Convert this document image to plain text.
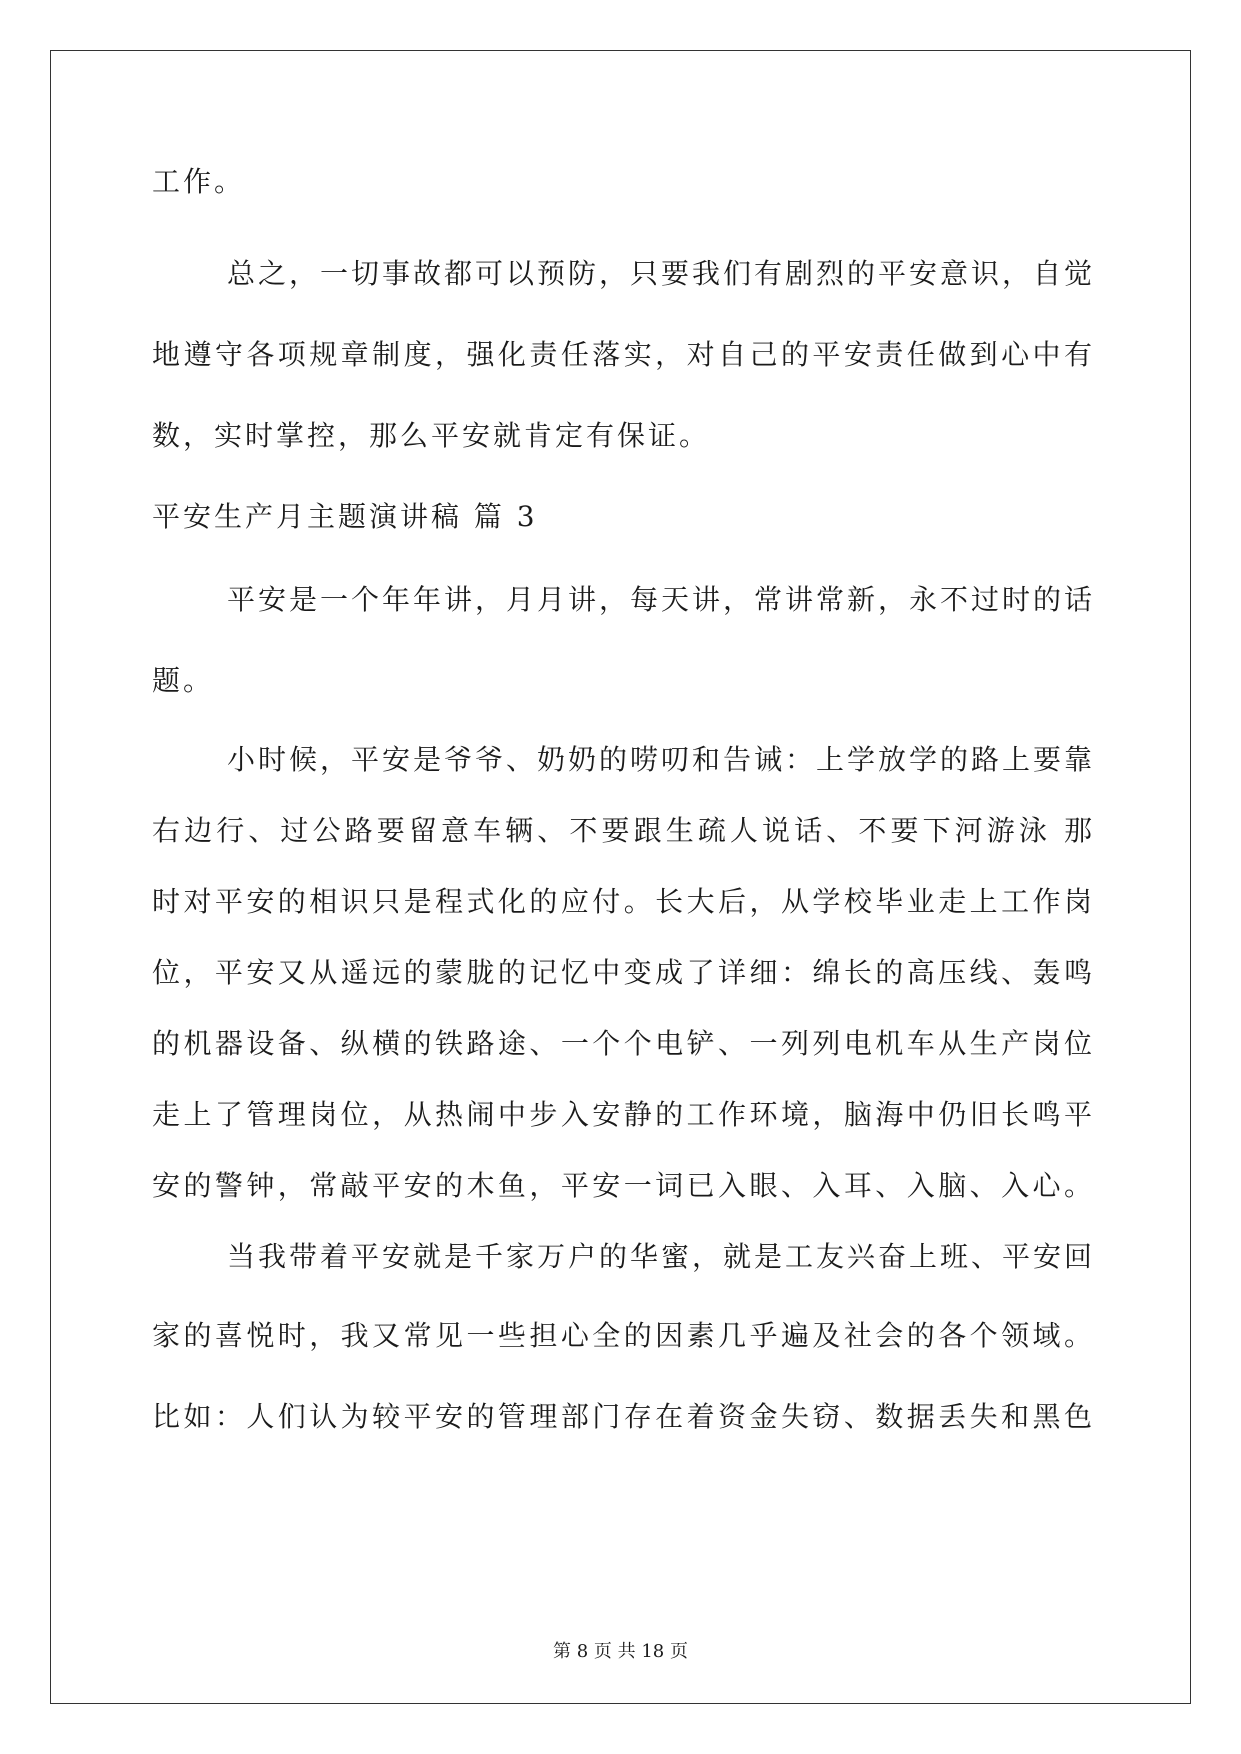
工作。
总之，一切事故都可以预防，只要我们有剧烈的平安意识，自觉
地遵守各项规章制度，强化责任落实，对自己的平安责任做到心中有
数，实时掌控，那么平安就肯定有保证。
平安生产月主题演讲稿 篇 3
平安是一个年年讲，月月讲，每天讲，常讲常新，永不过时的话
题。
小时候，平安是爷爷、奶奶的唠叨和告诫：上学放学的路上要靠
右边行、过公路要留意车辆、不要跟生疏人说话、不要下河游泳 那
时对平安的相识只是程式化的应付。长大后，从学校毕业走上工作岗
位，平安又从遥远的蒙胧的记忆中变成了详细：绵长的高压线、轰鸣
的机器设备、纵横的铁路途、一个个电铲、一列列电机车从生产岗位
走上了管理岗位，从热闹中步入安静的工作环境，脑海中仍旧长鸣平
安的警钟，常敲平安的木鱼，平安一词已入眼、入耳、入脑、入心。
当我带着平安就是千家万户的华蜜，就是工友兴奋上班、平安回
家的喜悦时，我又常见一些担心全的因素几乎遍及社会的各个领域。
比如：人们认为较平安的管理部门存在着资金失窃、数据丢失和黑色
第 8 页 共 18 页
